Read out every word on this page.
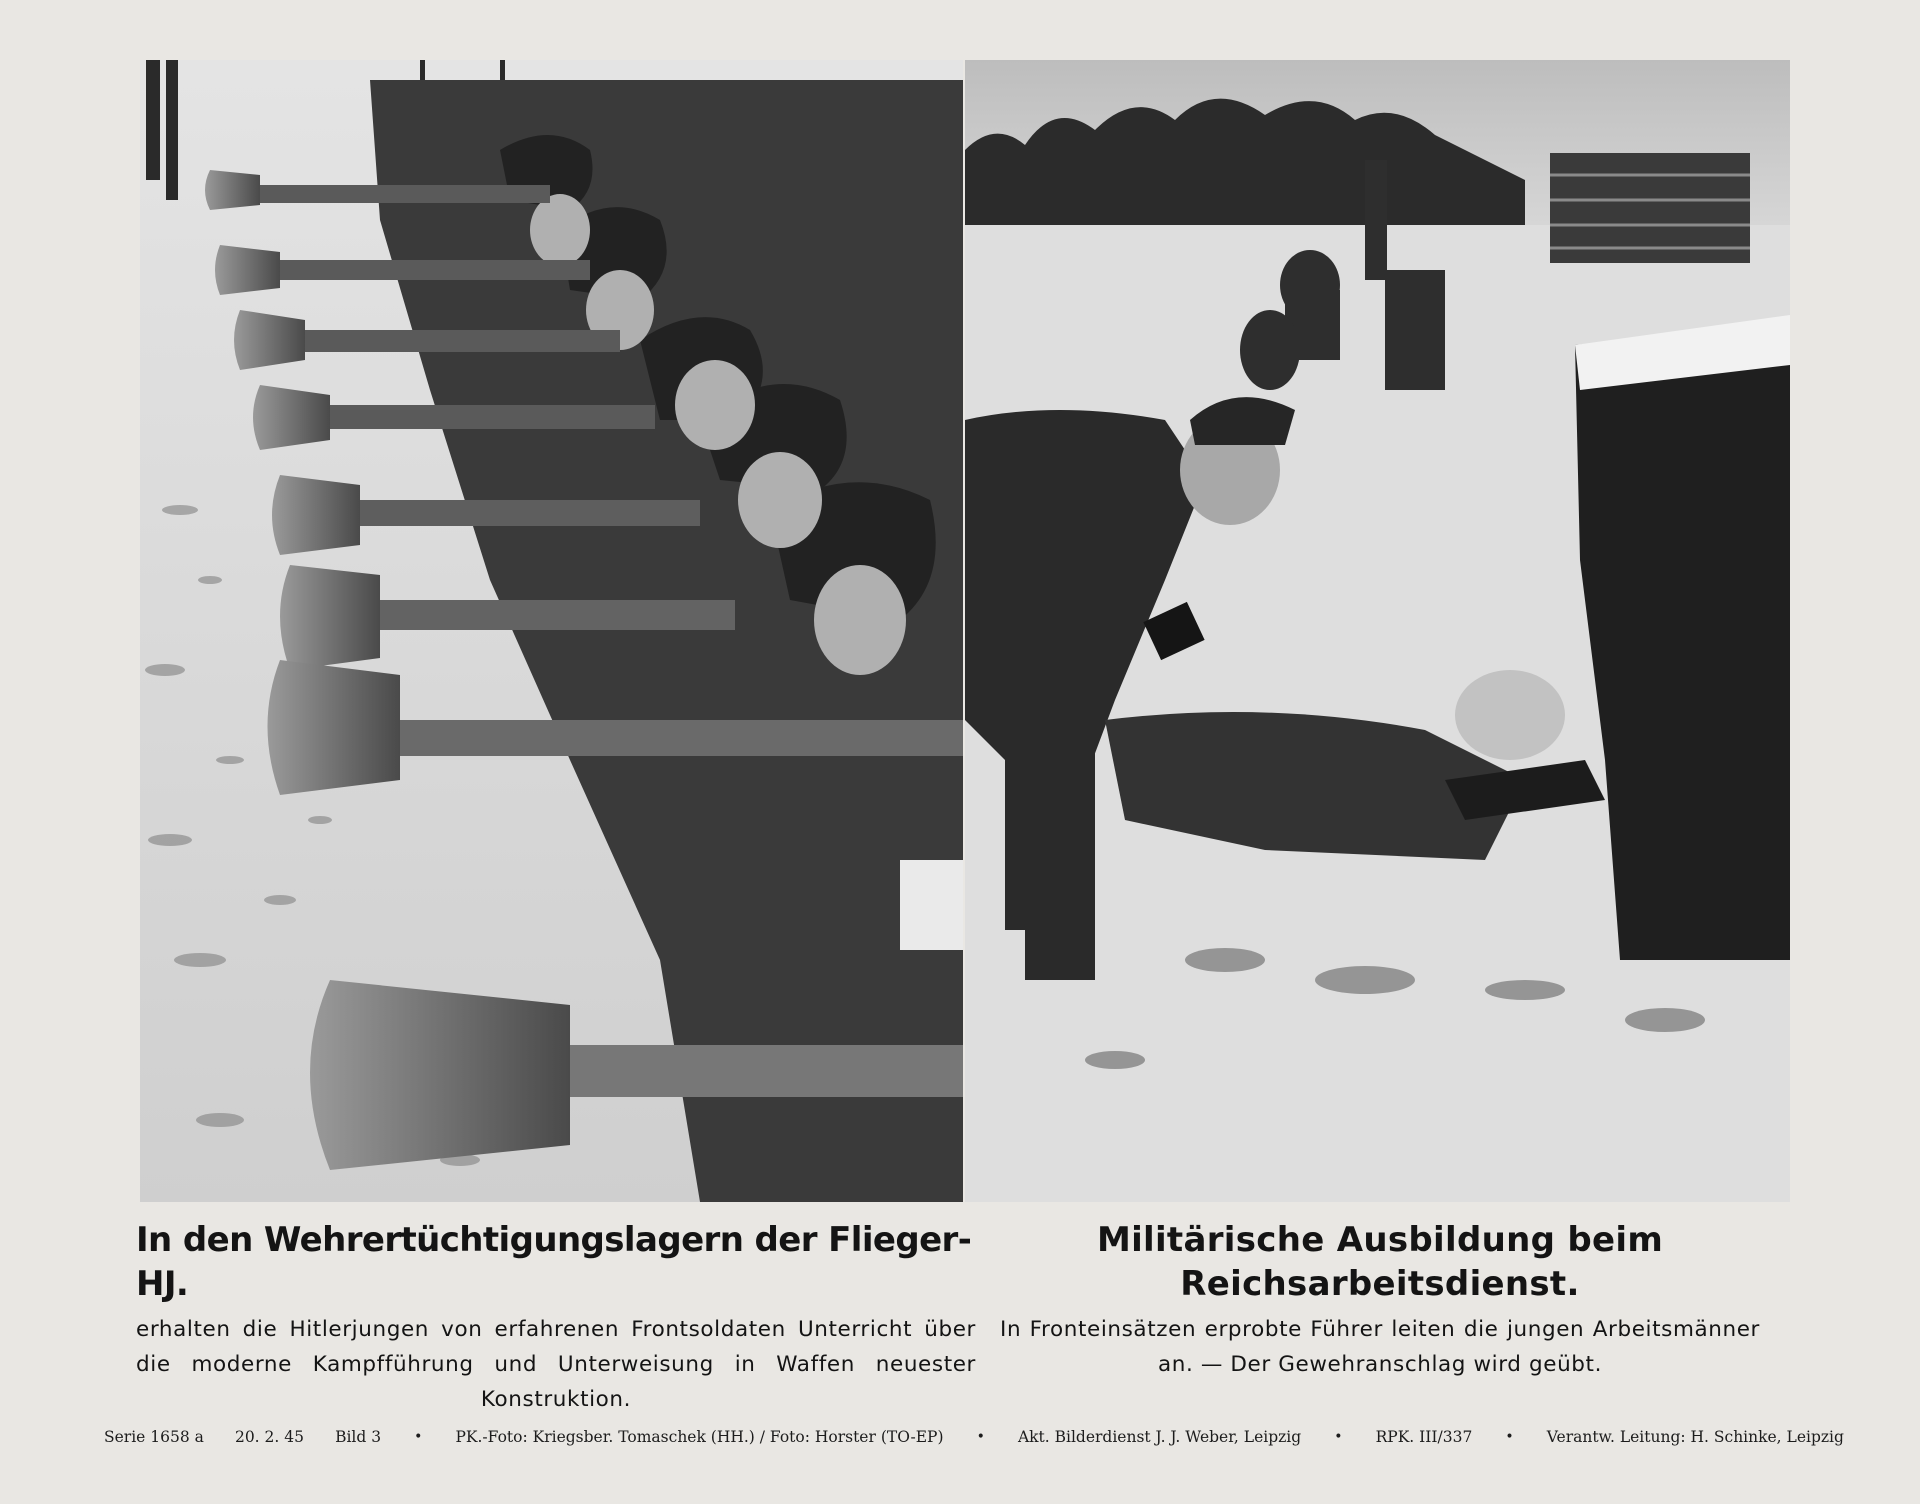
In den Wehrertüchtigungslagern der Flieger-HJ.

erhalten die Hitlerjungen von erfahrenen Frontsoldaten Unterricht über die moderne Kampfführung und Unterweisung in Waffen neuester Konstruktion.

Militärische Ausbildung beim Reichsarbeitsdienst.

In Fronteinsätzen erprobte Führer leiten die jungen Arbeitsmänner an. — Der Gewehranschlag wird geübt.

Serie 1658 a 20. 2. 45 Bild 3 • PK.-Foto: Kriegsber. Tomaschek (HH.) / Foto: Horster (TO-EP) • Akt. Bilderdienst J. J. Weber, Leipzig • RPK. III/337 • Verantw. Leitung: H. Schinke, Leipzig
